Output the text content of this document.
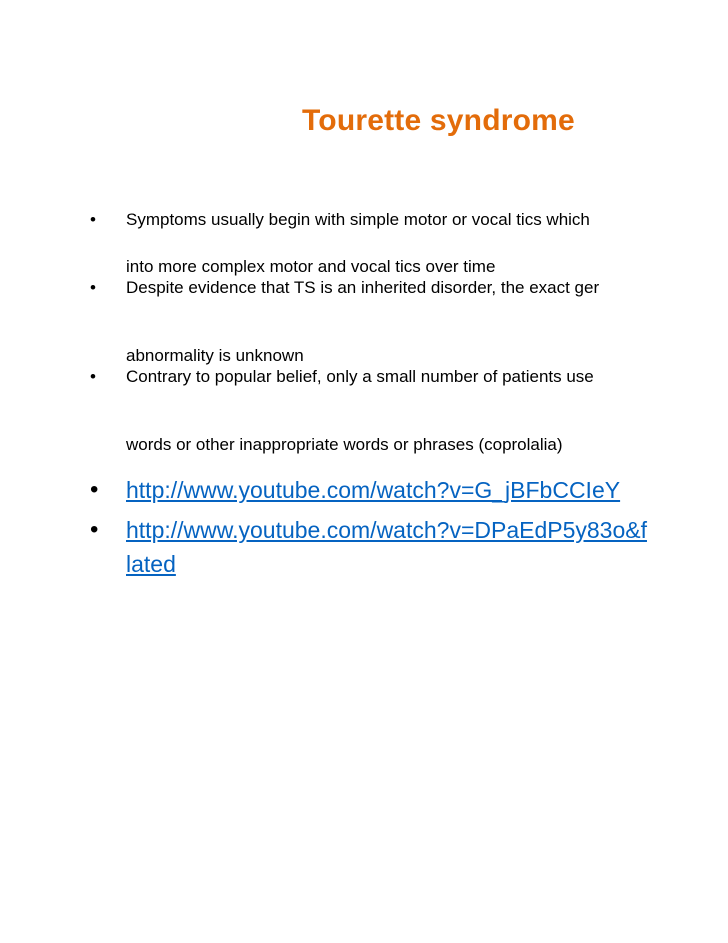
Tourette syndrome
• Symptoms usually begin with simple motor or vocal tics which
into more complex motor and vocal tics over time
• Despite evidence that TS is an inherited disorder, the exact ger
abnormality is unknown
• Contrary to popular belief, only a small number of patients use
words or other inappropriate words or phrases (coprolalia)
• http://www.youtube.com/watch?v=G_jBFbCCIeY
• http://www.youtube.com/watch?v=DPaEdP5y83o&f
lated
